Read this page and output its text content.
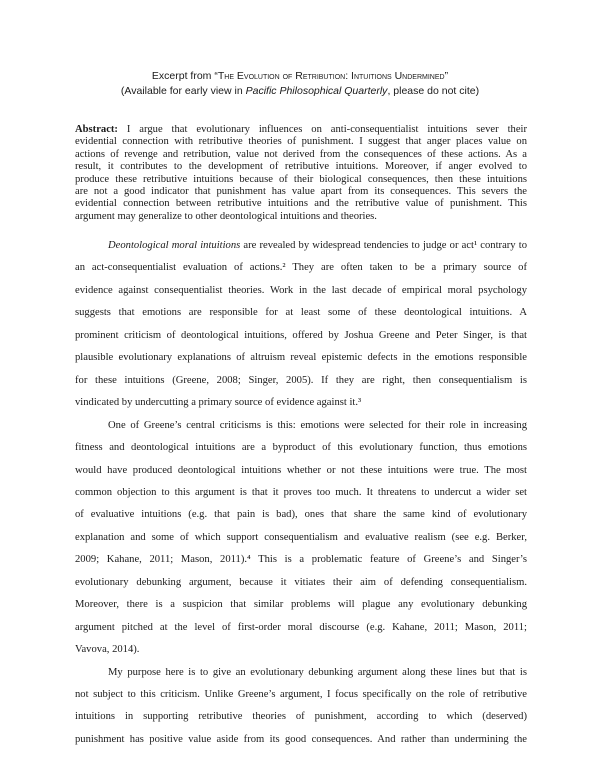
Excerpt from “The Evolution of Retribution: Intuitions Undermined”
(Available for early view in Pacific Philosophical Quarterly, please do not cite)
Abstract: I argue that evolutionary influences on anti-consequentialist intuitions sever their
evidential connection with retributive theories of punishment. I suggest that anger places value on
actions of revenge and retribution, value not derived from the consequences of these actions. As a
result, it contributes to the development of retributive intuitions. Moreover, if anger evolved to
produce these retributive intuitions because of their biological consequences, then these intuitions
are not a good indicator that punishment has value apart from its consequences. This severs the
evidential connection between retributive intuitions and the retributive value of punishment. This
argument may generalize to other deontological intuitions and theories.
Deontological moral intuitions are revealed by widespread tendencies to judge or act¹ contrary to
an act-consequentialist evaluation of actions.² They are often taken to be a primary source of
evidence against consequentialist theories. Work in the last decade of empirical moral psychology
suggests that emotions are responsible for at least some of these deontological intuitions. A
prominent criticism of deontological intuitions, offered by Joshua Greene and Peter Singer, is that
plausible evolutionary explanations of altruism reveal epistemic defects in the emotions responsible
for these intuitions (Greene, 2008; Singer, 2005). If they are right, then consequentialism is
vindicated by undercutting a primary source of evidence against it.³
One of Greene’s central criticisms is this: emotions were selected for their role in increasing
fitness and deontological intuitions are a byproduct of this evolutionary function, thus emotions
would have produced deontological intuitions whether or not these intuitions were true. The most
common objection to this argument is that it proves too much. It threatens to undercut a wider set
of evaluative intuitions (e.g. that pain is bad), ones that share the same kind of evolutionary
explanation and some of which support consequentialism and evaluative realism (see e.g. Berker,
2009; Kahane, 2011; Mason, 2011).⁴ This is a problematic feature of Greene’s and Singer’s
evolutionary debunking argument, because it vitiates their aim of defending consequentialism.
Moreover, there is a suspicion that similar problems will plague any evolutionary debunking
argument pitched at the level of first-order moral discourse (e.g. Kahane, 2011; Mason, 2011;
Vavova, 2014).
My purpose here is to give an evolutionary debunking argument along these lines but that is
not subject to this criticism. Unlike Greene’s argument, I focus specifically on the role of retributive
intuitions in supporting retributive theories of punishment, according to which (deserved)
punishment has positive value aside from its good consequences. And rather than undermining the
